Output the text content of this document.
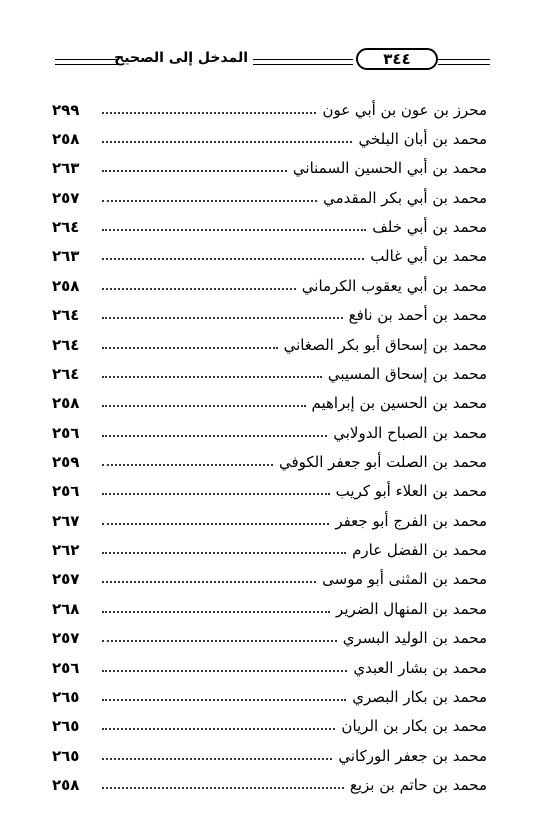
٣٤٤
المدخل إلى الصحيح
محرز بن عون بن أبي عون
٢٩٩
محمد بن أبان البلخي
٢٥٨
محمد بن أبي الحسين السمناني
٢٦٣
محمد بن أبي بكر المقدمي
٢٥٧
محمد بن أبي خلف
٢٦٤
محمد بن أبي غالب
٢٦٣
محمد بن أبي يعقوب الكرماني
٢٥٨
محمد بن أحمد بن نافع
٢٦٤
محمد بن إسحاق أبو بكر الصغاني
٢٦٤
محمد بن إسحاق المسيبي
٢٦٤
محمد بن الحسين بن إبراهيم
٢٥٨
محمد بن الصباح الدولابي
٢٥٦
محمد بن الصلت أبو جعفر الكوفي
٢٥٩
محمد بن العلاء أبو كريب
٢٥٦
محمد بن الفرج أبو جعفر
٢٦٧
محمد بن الفضل عارم
٢٦٢
محمد بن المثنى أبو موسى
٢٥٧
محمد بن المنهال الضرير
٢٦٨
محمد بن الوليد البسري
٢٥٧
محمد بن بشار العبدي
٢٥٦
محمد بن بكار البصري
٢٦٥
محمد بن بكار بن الريان
٢٦٥
محمد بن جعفر الوركاني
٢٦٥
محمد بن حاتم بن بزيع
٢٥٨
